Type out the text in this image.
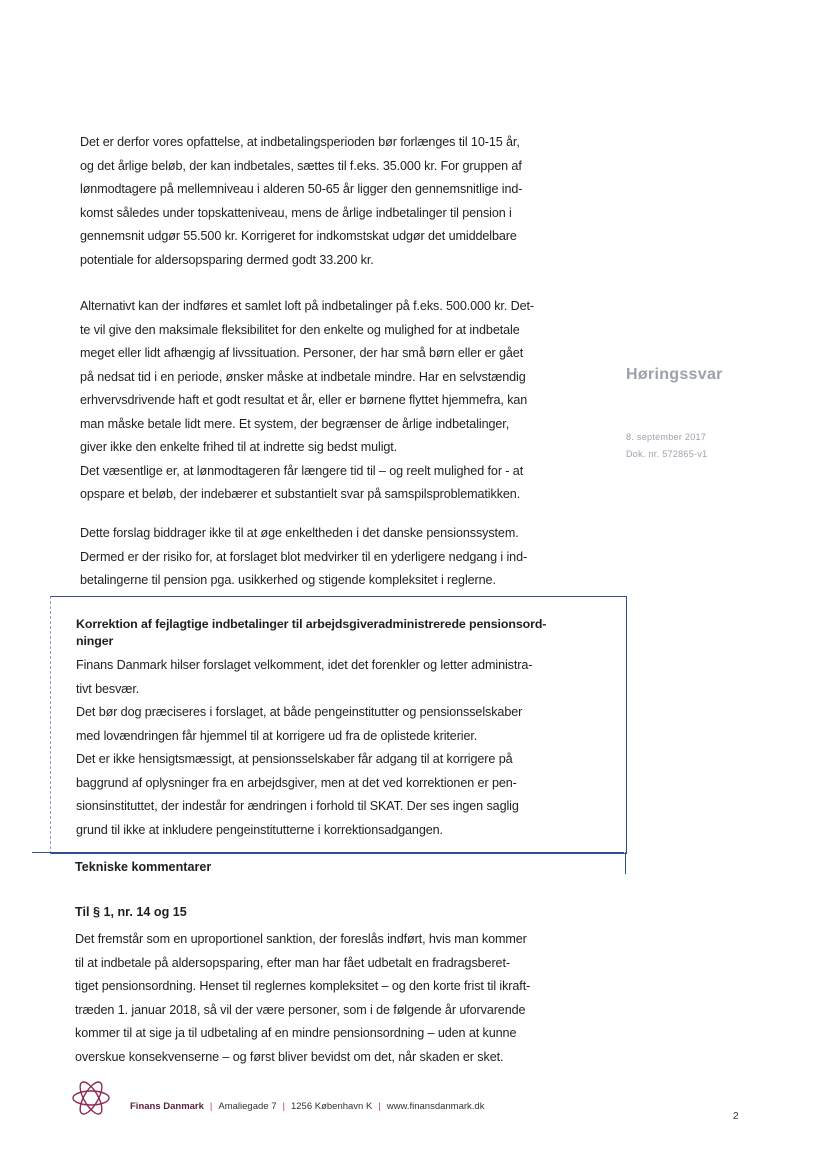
Det er derfor vores opfattelse, at indbetalingsperioden bør forlænges til 10-15 år,
og det årlige beløb, der kan indbetales, sættes til f.eks. 35.000 kr. For gruppen af
lønmodtagere på mellemniveau i alderen 50-65 år ligger den gennemsnitlige ind-
komst således under topskatteniveau, mens de årlige indbetalinger til pension i
gennemsnit udgør 55.500 kr. Korrigeret for indkomstskat udgør det umiddelbare
potentiale for aldersopsparing dermed godt 33.200 kr.
Alternativt kan der indføres et samlet loft på indbetalinger på f.eks. 500.000 kr. Det-
te vil give den maksimale fleksibilitet for den enkelte og mulighed for at indbetale
meget eller lidt afhængig af livssituation. Personer, der har små børn eller er gået
på nedsat tid i en periode, ønsker måske at indbetale mindre. Har en selvstændig
erhvervsdrivende haft et godt resultat et år, eller er børnene flyttet hjemmefra, kan
man måske betale lidt mere. Et system, der begrænser de årlige indbetalinger,
giver ikke den enkelte frihed til at indrette sig bedst muligt.
Det væsentlige er, at lønmodtageren får længere tid til – og reelt mulighed for - at
opspare et beløb, der indebærer et substantielt svar på samspilsproblematikken.
Dette forslag biddrager ikke til at øge enkeltheden i det danske pensionssystem.
Dermed er der risiko for, at forslaget blot medvirker til en yderligere nedgang i ind-
betalingerne til pension pga. usikkerhed og stigende kompleksitet i reglerne.
Korrektion af fejlagtige indbetalinger til arbejdsgiveradministrerede pensionsord-
ninger
Finans Danmark hilser forslaget velkomment, idet det forenkler og letter administra-
tivt besvær.
Det bør dog præciseres i forslaget, at både pengeinstitutter og pensionsselskaber
med lovændringen får hjemmel til at korrigere ud fra de oplistede kriterier.
Det er ikke hensigtsmæssigt, at pensionsselskaber får adgang til at korrigere på
baggrund af oplysninger fra en arbejdsgiver, men at det ved korrektionen er pen-
sionsinstituttet, der indestår for ændringen i forhold til SKAT. Der ses ingen saglig
grund til ikke at inkludere pengeinstitutterne i korrektionsadgangen.
Tekniske kommentarer
Til § 1, nr. 14 og 15
Det fremstår som en uproportionel sanktion, der foreslås indført, hvis man kommer
til at indbetale på aldersopsparing, efter man har fået udbetalt en fradragsberet-
tiget pensionsordning. Henset til reglernes kompleksitet – og den korte frist til ikraft-
træden 1. januar 2018, så vil der være personer, som i de følgende år uforvarende
kommer til at sige ja til udbetaling af en mindre pensionsordning – uden at kunne
overskue konsekvenserne – og først bliver bevidst om det, når skaden er sket.
Høringssvar
8. september 2017
Dok. nr. 572865-v1
Finans Danmark | Amaliegade 7 | 1256 København K | www.finansdanmark.dk
2
